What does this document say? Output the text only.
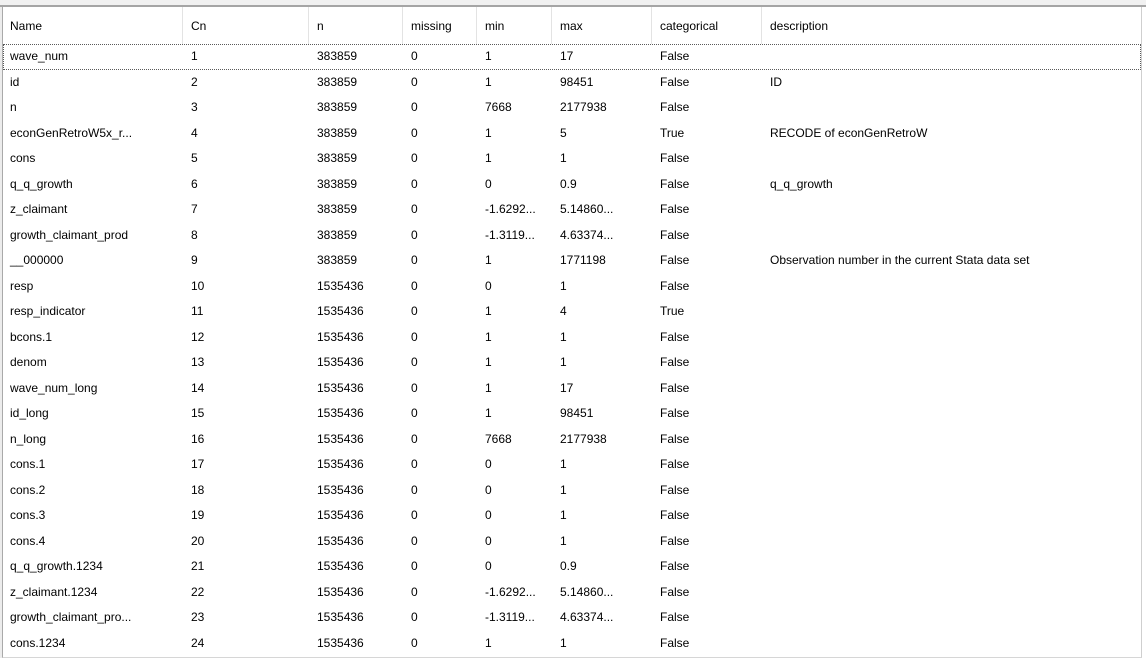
Name	Cn	n	missing	min	max	categorical	description
wave_num	1	383859	0	1	17	False
id	2	383859	0	1	98451	False	ID
n	3	383859	0	7668	2177938	False
econGenRetroW5x_r...	4	383859	0	1	5	True	RECODE of econGenRetroW
cons	5	383859	0	1	1	False
q_q_growth	6	383859	0	0	0.9	False	q_q_growth
z_claimant	7	383859	0	-1.6292...	5.14860...	False
growth_claimant_prod	8	383859	0	-1.3119...	4.63374...	False
__000000	9	383859	0	1	1771198	False	Observation number in the current Stata data set
resp	10	1535436	0	0	1	False
resp_indicator	11	1535436	0	1	4	True
bcons.1	12	1535436	0	1	1	False
denom	13	1535436	0	1	1	False
wave_num_long	14	1535436	0	1	17	False
id_long	15	1535436	0	1	98451	False
n_long	16	1535436	0	7668	2177938	False
cons.1	17	1535436	0	0	1	False
cons.2	18	1535436	0	0	1	False
cons.3	19	1535436	0	0	1	False
cons.4	20	1535436	0	0	1	False
q_q_growth.1234	21	1535436	0	0	0.9	False
z_claimant.1234	22	1535436	0	-1.6292...	5.14860...	False
growth_claimant_pro...	23	1535436	0	-1.3119...	4.63374...	False
cons.1234	24	1535436	0	1	1	False
